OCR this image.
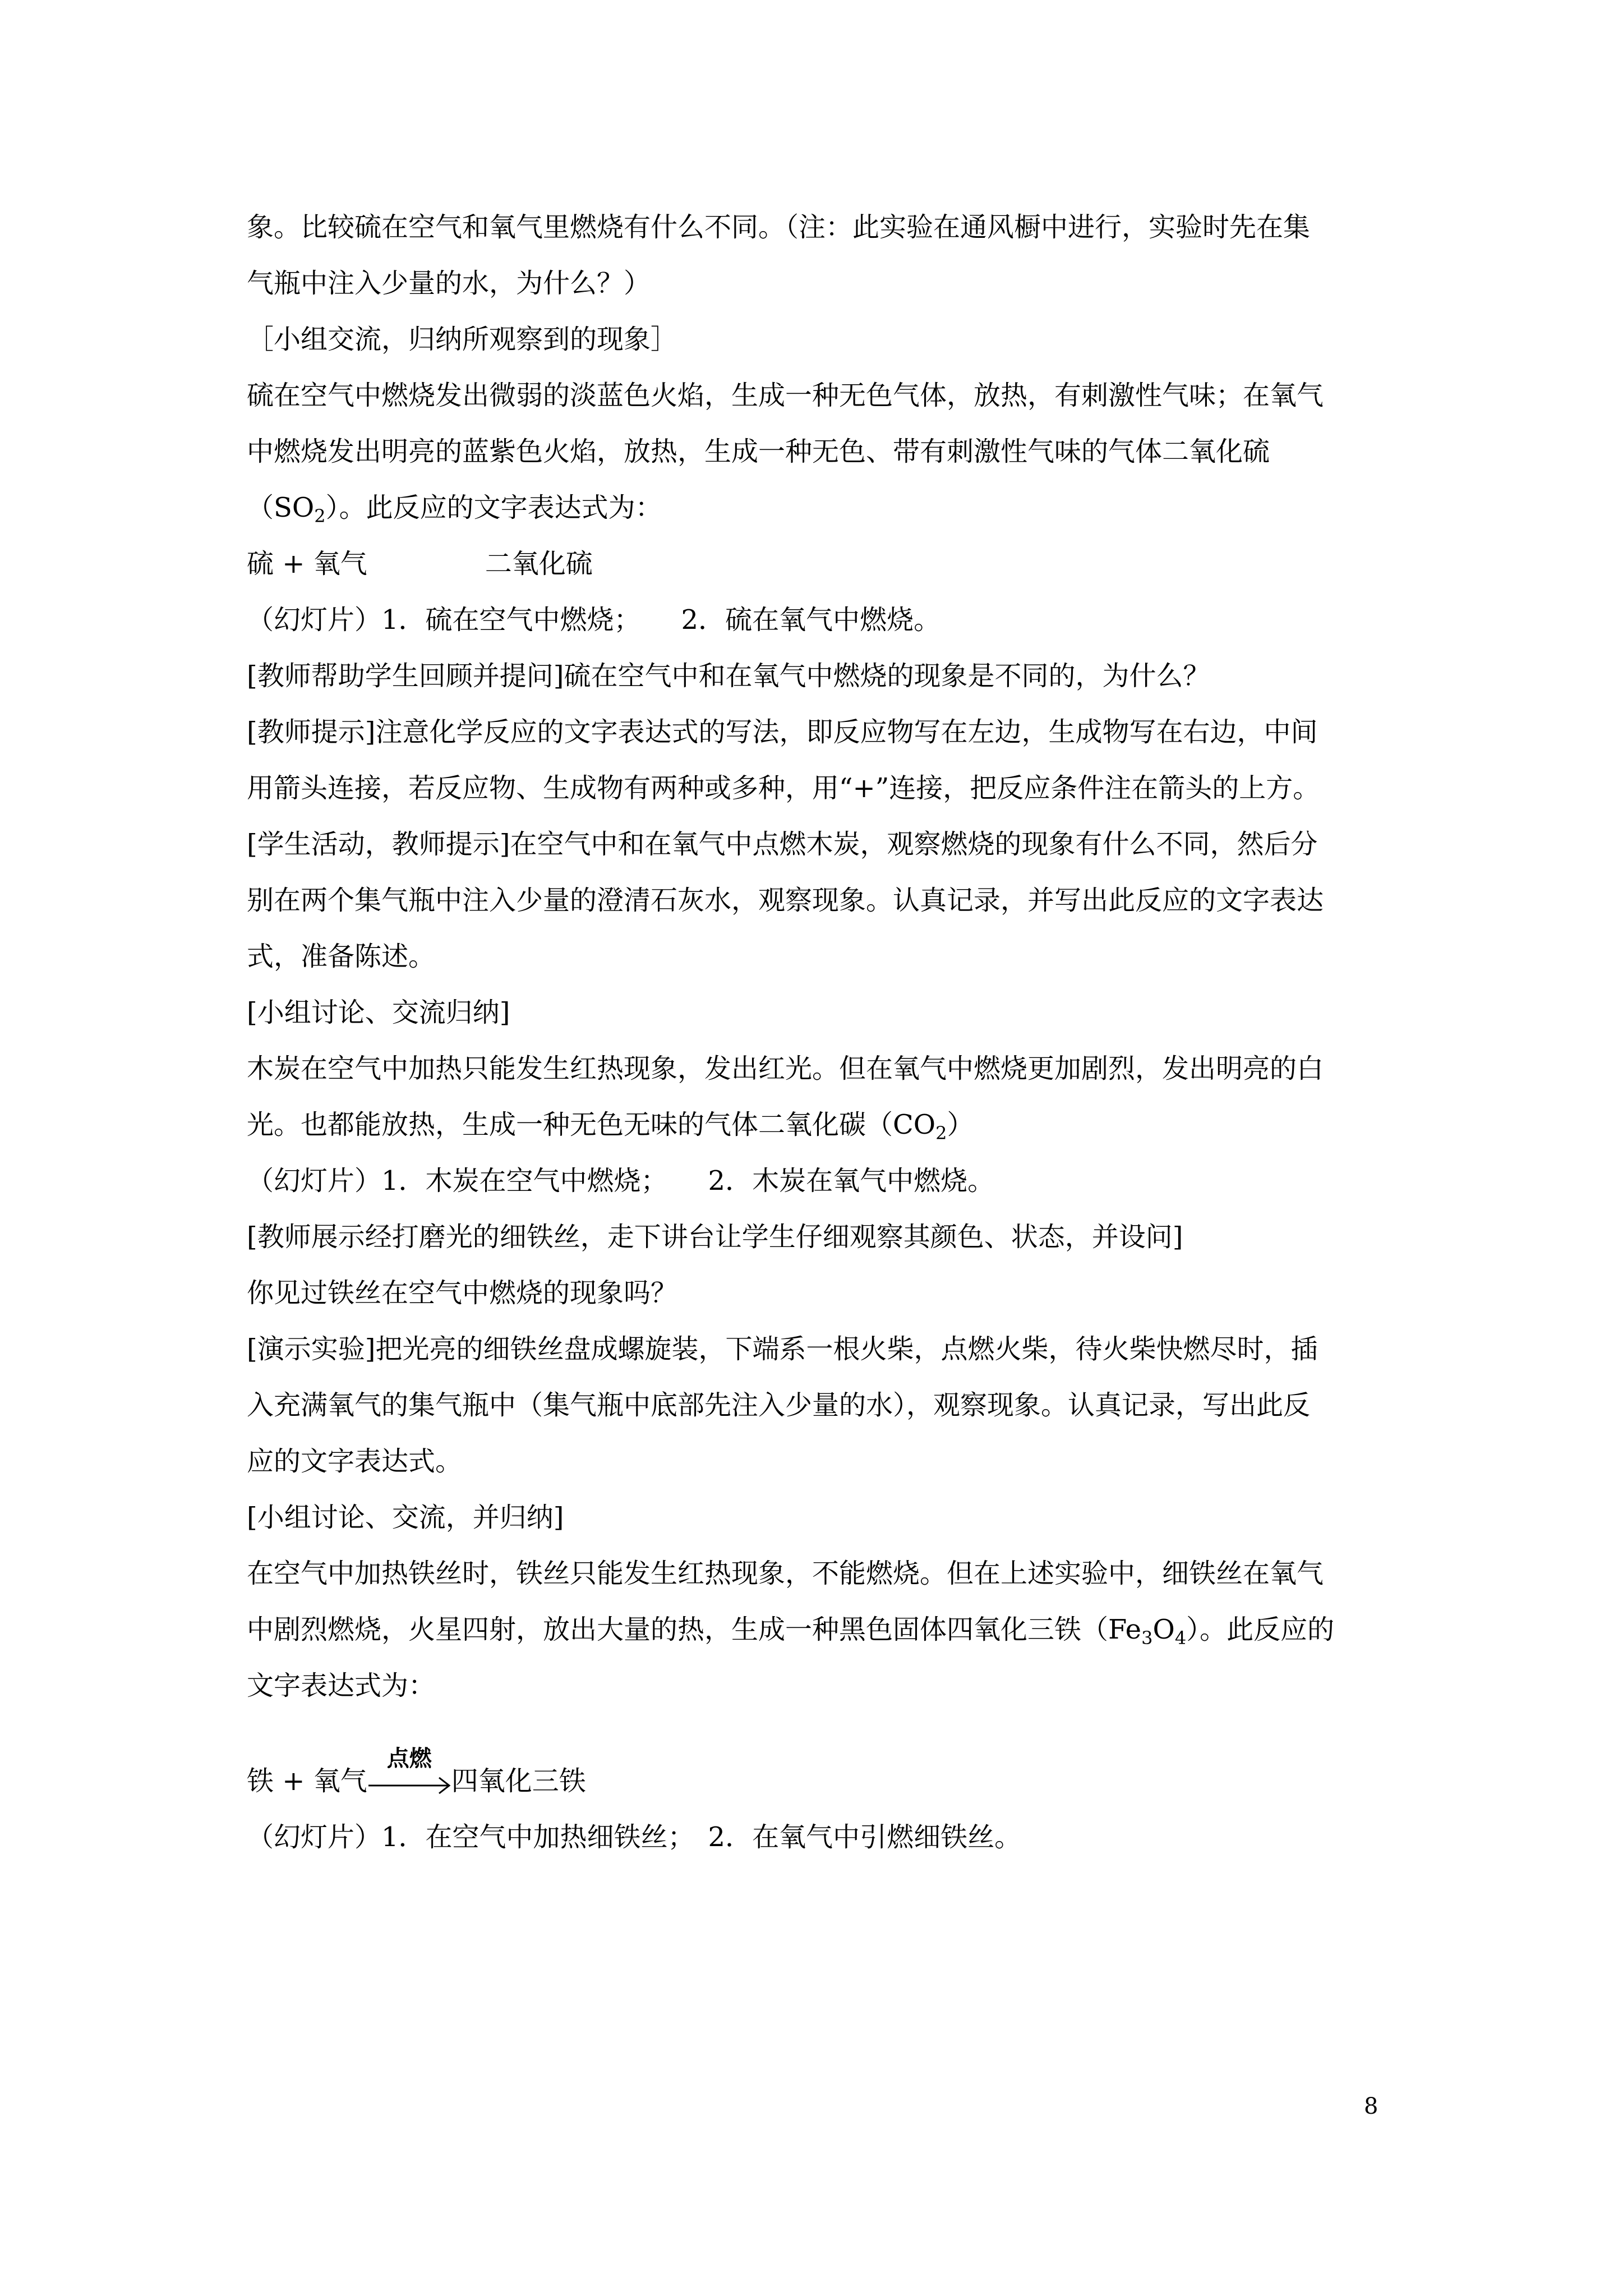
象。比较硫在空气和氧气里燃烧有什么不同。（注：此实验在通风橱中进行，实验时先在集
气瓶中注入少量的水，为什么？）
［小组交流，归纳所观察到的现象］
硫在空气中燃烧发出微弱的淡蓝色火焰，生成一种无色气体，放热，有刺激性气味；在氧气
中燃烧发出明亮的蓝紫色火焰，放热，生成一种无色、带有刺激性气味的气体二氧化硫
$(SO_2)$。此反应的文字表达式为：
硫 + 氧气	二氧化硫
（幻灯片）1．硫在空气中燃烧；　　2．硫在氧气中燃烧。
[教师帮助学生回顾并提问]硫在空气中和在氧气中燃烧的现象是不同的，为什么？
[教师提示]注意化学反应的文字表达式的写法，即反应物写在左边，生成物写在右边，中间
用箭头连接，若反应物、生成物有两种或多种，用“+”连接，把反应条件注在箭头的上方。
[学生活动，教师提示]在空气中和在氧气中点燃木炭，观察燃烧的现象有什么不同，然后分
别在两个集气瓶中注入少量的澄清石灰水，观察现象。认真记录，并写出此反应的文字表达
式，准备陈述。
[小组讨论、交流归纳]
木炭在空气中加热只能发生红热现象，发出红光。但在氧气中燃烧更加剧烈，发出明亮的白
光。也都能放热，生成一种无色无味的气体二氧化碳$(CO_2)$
（幻灯片）1．木炭在空气中燃烧；　　2．木炭在氧气中燃烧。
[教师展示经打磨光的细铁丝，走下讲台让学生仔细观察其颜色、状态，并设问]
你见过铁丝在空气中燃烧的现象吗？
[演示实验]把光亮的细铁丝盘成螺旋装，下端系一根火柴，点燃火柴，待火柴快燃尽时，插
入充满氧气的集气瓶中（集气瓶中底部先注入少量的水），观察现象。认真记录，写出此反
应的文字表达式。
[小组讨论、交流，并归纳]
在空气中加热铁丝时，铁丝只能发生红热现象，不能燃烧。但在上述实验中，细铁丝在氧气
中剧烈燃烧，火星四射，放出大量的热，生成一种黑色固体四氧化三铁$(Fe_3O_4)$。此反应的
文字表达式为：
铁 + 氧气
点燃
四氧化三铁
（幻灯片）1．在空气中加热细铁丝；　2．在氧气中引燃细铁丝。
8
